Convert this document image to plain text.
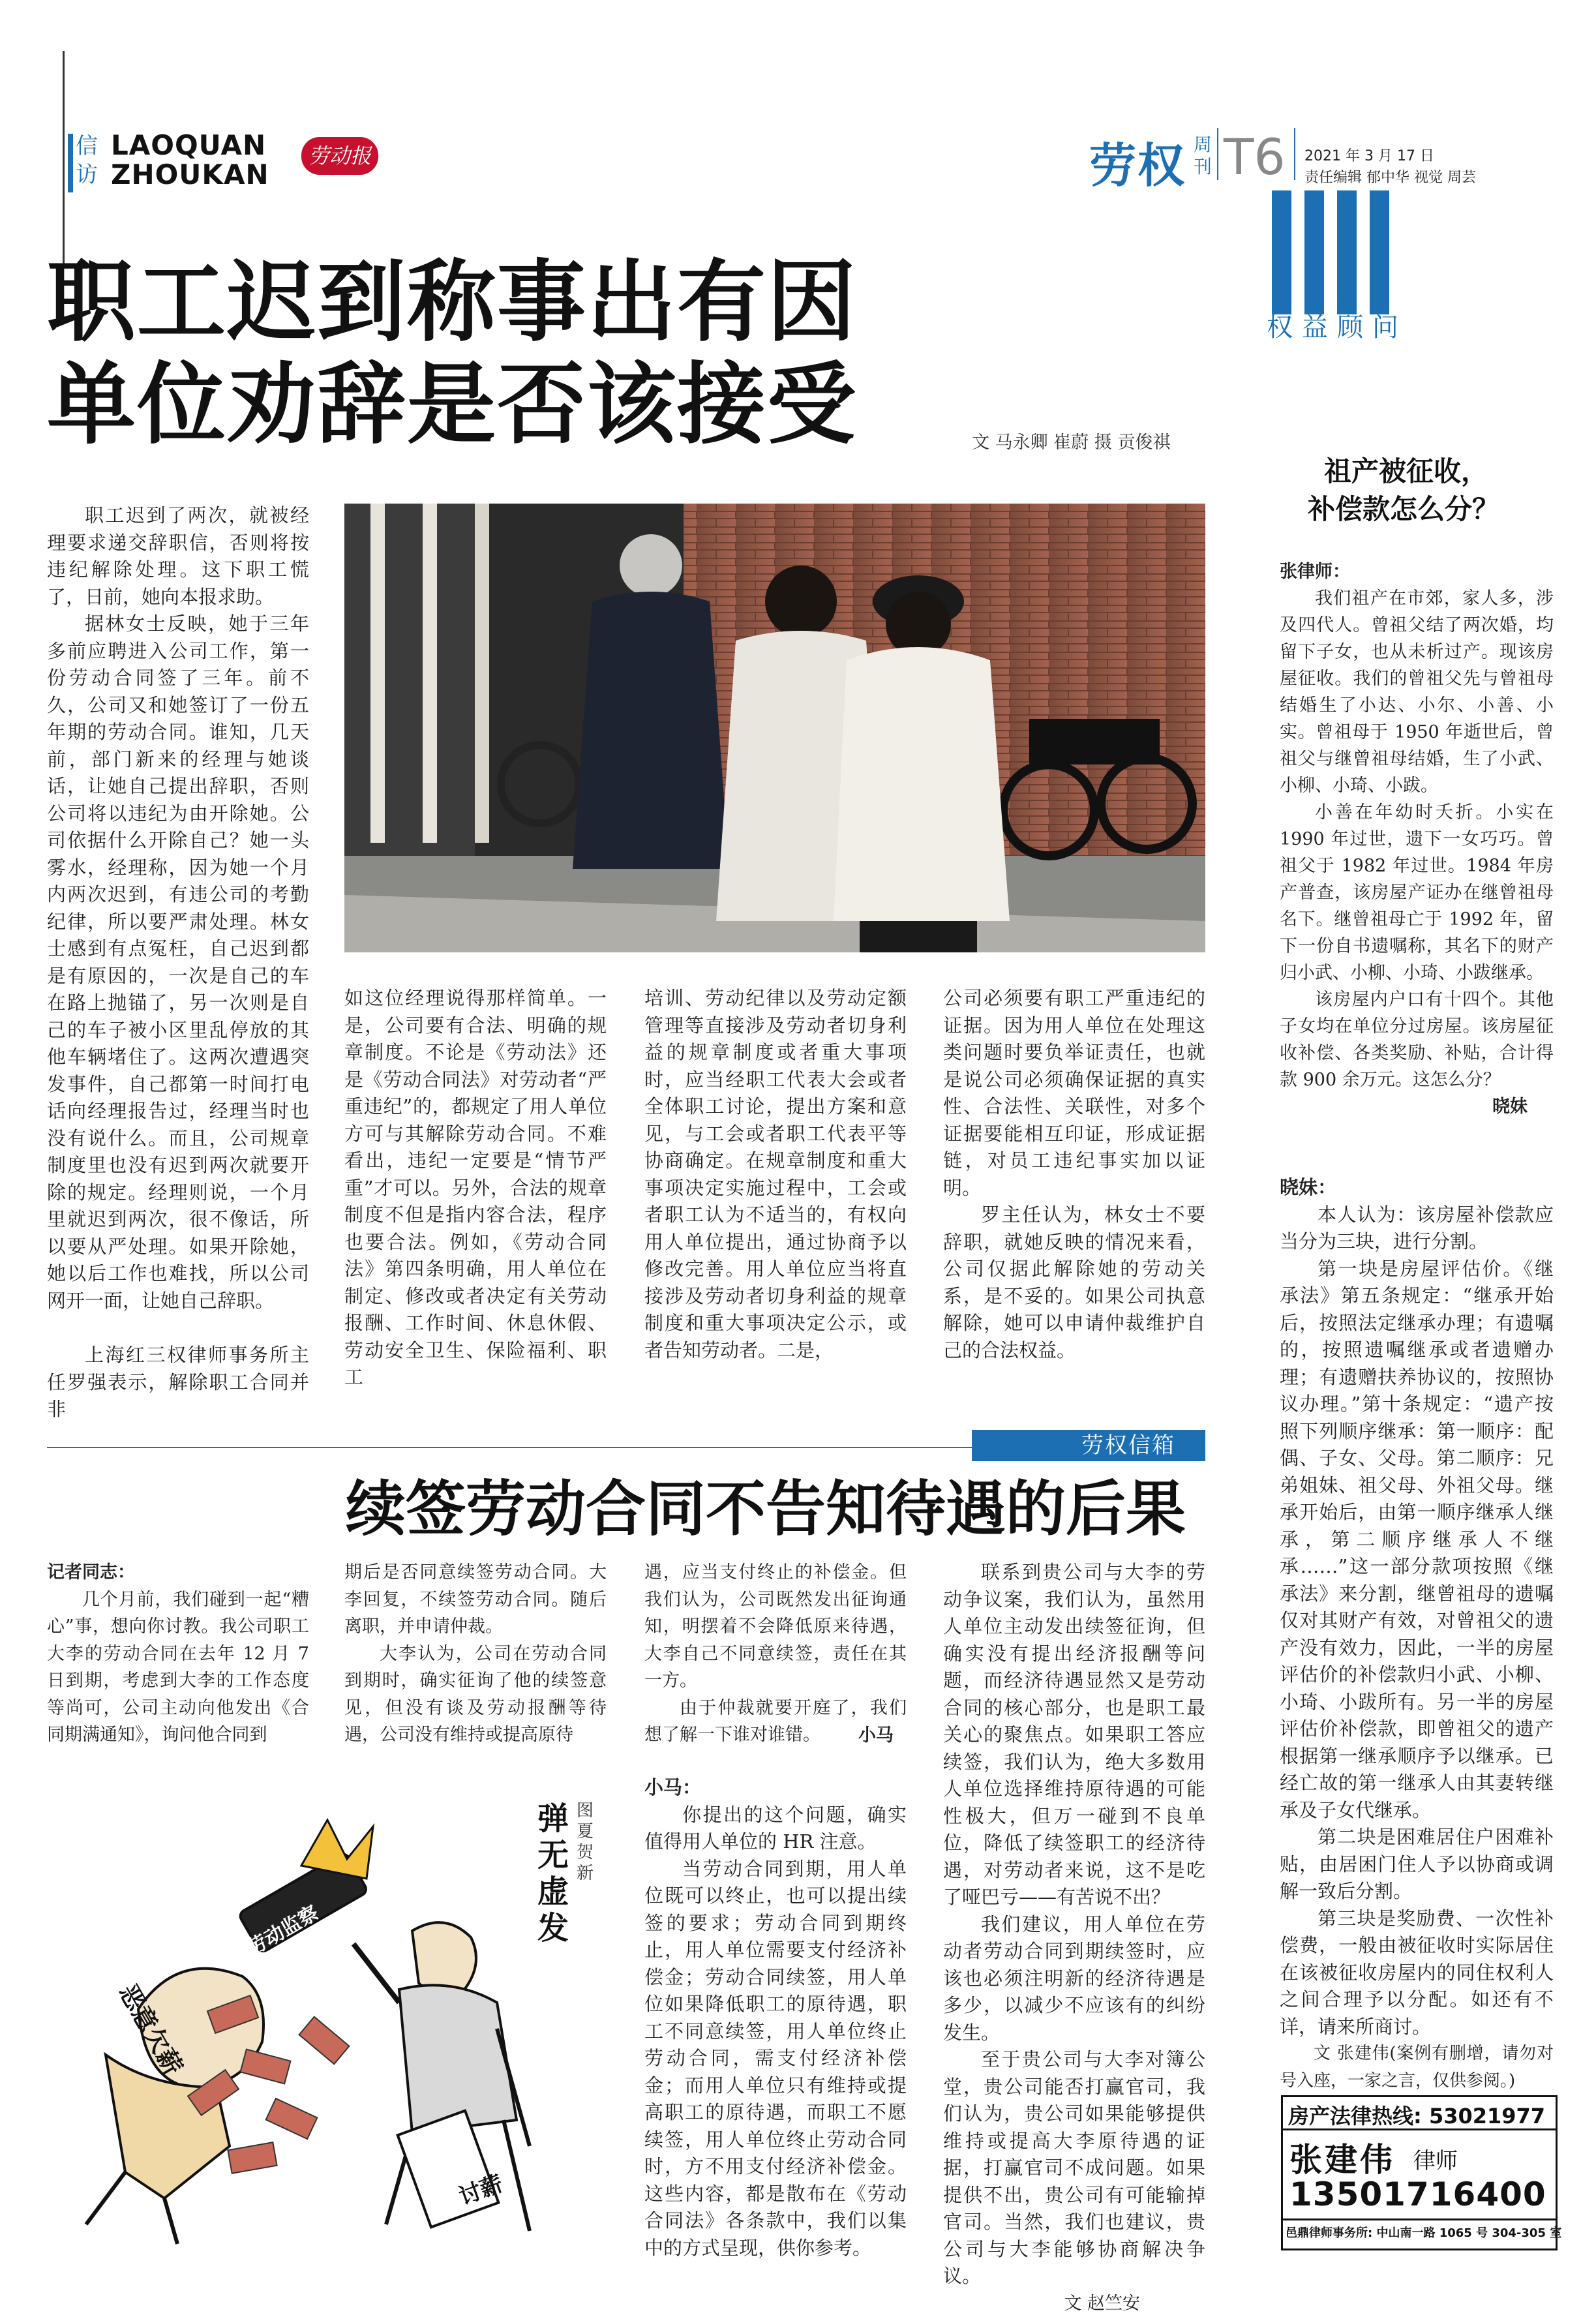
信访
LAOQUAN
ZHOUKAN
劳动报	劳权 周刊 T6 2021 年 3 月 17 日
责任编辑 郁中华 视觉 周芸
权益顾问
职工迟到称事出有因
单位劝辞是否该接受	文 马永卿 崔蔚 摄 贡俊祺

职工迟到了两次，就被经理要求递交辞职信，否则将按违纪解除处理。这下职工慌了，日前，她向本报求助。

据林女士反映，她于三年多前应聘进入公司工作，第一份劳动合同签了三年。前不久，公司又和她签订了一份五年期的劳动合同。谁知，几天前，部门新来的经理与她谈话，让她自己提出辞职，否则公司将以违纪为由开除她。公司依据什么开除自己？她一头雾水，经理称，因为她一个月内两次迟到，有违公司的考勤纪律，所以要严肃处理。林女士感到有点冤枉，自己迟到都是有原因的，一次是自己的车在路上抛锚了，另一次则是自己的车子被小区里乱停放的其他车辆堵住了。这两次遭遇突发事件，自己都第一时间打电话向经理报告过，经理当时也没有说什么。而且，公司规章制度里也没有迟到两次就要开除的规定。经理则说，一个月里就迟到两次，很不像话，所以要从严处理。如果开除她，她以后工作也难找，所以公司网开一面，让她自己辞职。

上海红三权律师事务所主任罗强表示，解除职工合同并非

如这位经理说得那样简单。一是，公司要有合法、明确的规章制度。不论是《劳动法》还是《劳动合同法》对劳动者“严重违纪”的，都规定了用人单位方可与其解除劳动合同。不难看出，违纪一定要是“情节严重”才可以。另外，合法的规章制度不但是指内容合法，程序也要合法。例如，《劳动合同法》第四条明确，用人单位在制定、修改或者决定有关劳动报酬、工作时间、休息休假、劳动安全卫生、保险福利、职工

培训、劳动纪律以及劳动定额管理等直接涉及劳动者切身利益的规章制度或者重大事项时，应当经职工代表大会或者全体职工讨论，提出方案和意见，与工会或者职工代表平等协商确定。在规章制度和重大事项决定实施过程中，工会或者职工认为不适当的，有权向用人单位提出，通过协商予以修改完善。用人单位应当将直接涉及劳动者切身利益的规章制度和重大事项决定公示，或者告知劳动者。二是，

公司必须要有职工严重违纪的证据。因为用人单位在处理这类问题时要负举证责任，也就是说公司必须确保证据的真实性、合法性、关联性，对多个证据要能相互印证，形成证据链，对员工违纪事实加以证明。

罗主任认为，林女士不要辞职，就她反映的情况来看，公司仅据此解除她的劳动关系，是不妥的。如果公司执意解除，她可以申请仲裁维护自己的合法权益。

祖产被征收，
补偿款怎么分？
张律师：

我们祖产在市郊，家人多，涉及四代人。曾祖父结了两次婚，均留下子女，也从未析过产。现该房屋征收。我们的曾祖父先与曾祖母结婚生了小达、小尔、小善、小实。曾祖母于 1950 年逝世后，曾祖父与继曾祖母结婚，生了小武、小柳、小琦、小跋。

小善在年幼时夭折。小实在 1990 年过世，遗下一女巧巧。曾祖父于 1982 年过世。1984 年房产普查，该房屋产证办在继曾祖母名下。继曾祖母亡于 1992 年，留下一份自书遗嘱称，其名下的财产归小武、小柳、小琦、小跋继承。

该房屋内户口有十四个。其他子女均在单位分过房屋。该房屋征收补偿、各类奖励、补贴，合计得款 900 余万元。这怎么分？

晓妹
晓妹：

本人认为：该房屋补偿款应当分为三块，进行分割。

第一块是房屋评估价。《继承法》第五条规定：“继承开始后，按照法定继承办理；有遗嘱的，按照遗嘱继承或者遗赠办理；有遗赠扶养协议的，按照协议办理。”第十条规定：“遗产按照下列顺序继承：第一顺序：配偶、子女、父母。第二顺序：兄弟姐妹、祖父母、外祖父母。继承开始后，由第一顺序继承人继承，第二顺序继承人不继承……”这一部分款项按照《继承法》来分割，继曾祖母的遗嘱仅对其财产有效，对曾祖父的遗产没有效力，因此，一半的房屋评估价的补偿款归小武、小柳、小琦、小跋所有。另一半的房屋评估价补偿款，即曾祖父的遗产根据第一继承顺序予以继承。已经亡故的第一继承人由其妻转继承及子女代继承。

第二块是困难居住户困难补贴，由居困门住人予以协商或调解一致后分割。

第三块是奖励费、一次性补偿费，一般由被征收时实际居住在该被征收房屋内的同住权利人之间合理予以分配。如还有不详，请来所商讨。

文 张建伟(案例有删增，请勿对号入座，一家之言，仅供参阅。)
房产法律热线: 53021977
张建伟 律师
13501716400
邑鼎律师事务所: 中山南一路 1065 号 304-305 室
劳权信箱
续签劳动合同不告知待遇的后果
记者同志：

几个月前，我们碰到一起“糟心”事，想向你讨教。我公司职工大李的劳动合同在去年 12 月 7 日到期，考虑到大李的工作态度等尚可，公司主动向他发出《合同期满通知》，询问他合同到

期后是否同意续签劳动合同。大李回复，不续签劳动合同。随后离职，并申请仲裁。

大李认为，公司在劳动合同到期时，确实征询了他的续签意见，但没有谈及劳动报酬等待遇，公司没有维持或提高原待

遇，应当支付终止的补偿金。但我们认为，公司既然发出征询通知，明摆着不会降低原来待遇，大李自己不同意续签，责任在其一方。

由于仲裁就要开庭了，我们想了解一下谁对谁错。	小马
小马：

你提出的这个问题，确实值得用人单位的 HR 注意。

当劳动合同到期，用人单位既可以终止，也可以提出续签的要求；劳动合同到期终止，用人单位需要支付经济补偿金；劳动合同续签，用人单位如果降低职工的原待遇，职工不同意续签，用人单位终止劳动合同，需支付经济补偿金；而用人单位只有维持或提高职工的原待遇，而职工不愿续签，用人单位终止劳动合同时，方不用支付经济补偿金。这些内容，都是散布在《劳动合同法》各条款中，我们以集中的方式呈现，供你参考。

联系到贵公司与大李的劳动争议案，我们认为，虽然用人单位主动发出续签征询，但确实没有提出经济报酬等问题，而经济待遇显然又是劳动合同的核心部分，也是职工最关心的聚焦点。如果职工答应续签，我们认为，绝大多数用人单位选择维持原待遇的可能性极大，但万一碰到不良单位，降低了续签职工的经济待遇，对劳动者来说，这不是吃了哑巴亏——有苦说不出？

我们建议，用人单位在劳动者劳动合同到期续签时，应该也必须注明新的经济待遇是多少，以减少不应该有的纠纷发生。

至于贵公司与大李对簿公堂，贵公司能否打赢官司，我们认为，贵公司如果能够提供维持或提高大李原待遇的证据，打赢官司不成问题。如果提供不出，贵公司有可能输掉官司。当然，我们也建议，贵公司与大李能够协商解决争议。

文 赵竺安
恶意欠薪
劳动监察
讨薪
图 夏贺新
弹无虚发
